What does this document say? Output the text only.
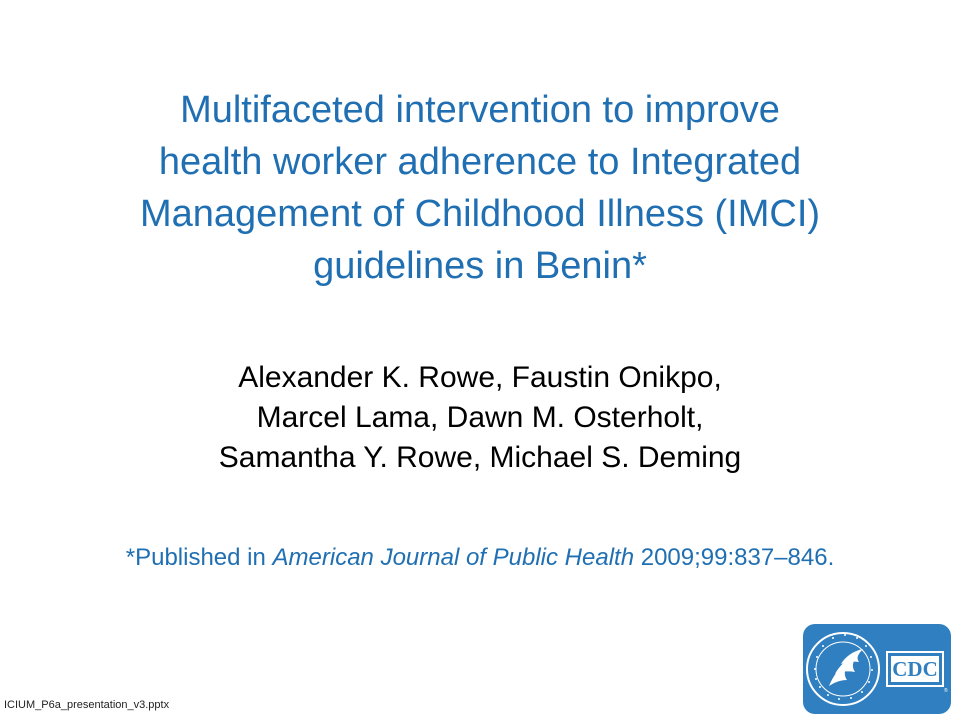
Multifaceted intervention to improve
health worker adherence to Integrated
Management of Childhood Illness (IMCI)
guidelines in Benin*
Alexander K. Rowe, Faustin Onikpo,
Marcel Lama, Dawn M. Osterholt,
Samantha Y. Rowe, Michael S. Deming
*Published in American Journal of Public Health 2009;99:837–846.
ICIUM_P6a_presentation_v3.pptx
CDC
®
